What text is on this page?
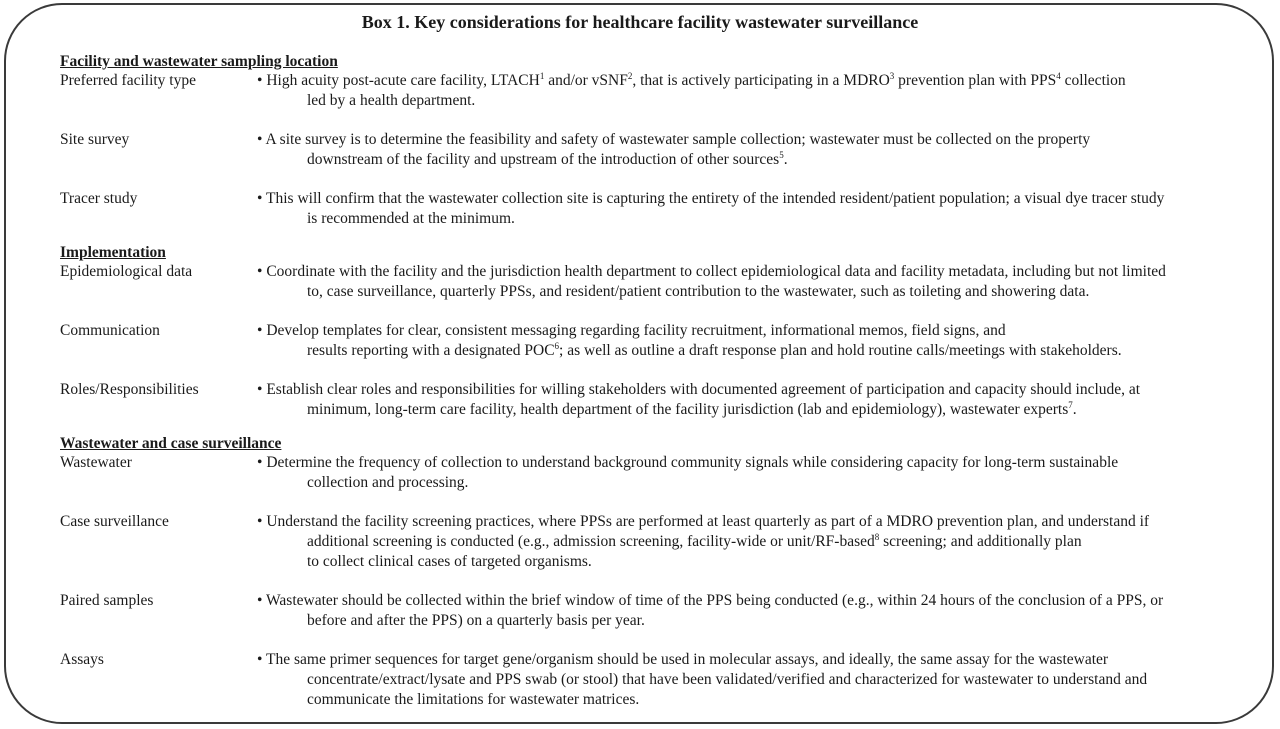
Box 1. Key considerations for healthcare facility wastewater surveillance
Facility and wastewater sampling location
Preferred facility type	• High acuity post-acute care facility, LTACH$^1$ and/or vSNF$^2$, that is actively participating in a MDRO$^3$ prevention plan with PPS$^4$ collection
led by a health department.
Site survey	• A site survey is to determine the feasibility and safety of wastewater sample collection; wastewater must be collected on the property
downstream of the facility and upstream of the introduction of other sources$^5$.
Tracer study	• This will confirm that the wastewater collection site is capturing the entirety of the intended resident/patient population; a visual dye tracer study
is recommended at the minimum.
Implementation
Epidemiological data	• Coordinate with the facility and the jurisdiction health department to collect epidemiological data and facility metadata, including but not limited
to, case surveillance, quarterly PPSs, and resident/patient contribution to the wastewater, such as toileting and showering data.
Communication	• Develop templates for clear, consistent messaging regarding facility recruitment, informational memos, field signs, and
results reporting with a designated POC$^6$; as well as outline a draft response plan and hold routine calls/meetings with stakeholders.
Roles/Responsibilities	• Establish clear roles and responsibilities for willing stakeholders with documented agreement of participation and capacity should include, at
minimum, long-term care facility, health department of the facility jurisdiction (lab and epidemiology), wastewater experts$^7$.
Wastewater and case surveillance
Wastewater	• Determine the frequency of collection to understand background community signals while considering capacity for long-term sustainable
collection and processing.
Case surveillance	• Understand the facility screening practices, where PPSs are performed at least quarterly as part of a MDRO prevention plan, and understand if
additional screening is conducted (e.g., admission screening, facility-wide or unit/RF-based$^8$ screening; and additionally plan
to collect clinical cases of targeted organisms.
Paired samples	• Wastewater should be collected within the brief window of time of the PPS being conducted (e.g., within 24 hours of the conclusion of a PPS, or
before and after the PPS) on a quarterly basis per year.
Assays	• The same primer sequences for target gene/organism should be used in molecular assays, and ideally, the same assay for the wastewater
concentrate/extract/lysate and PPS swab (or stool) that have been validated/verified and characterized for wastewater to understand and
communicate the limitations for wastewater matrices.
